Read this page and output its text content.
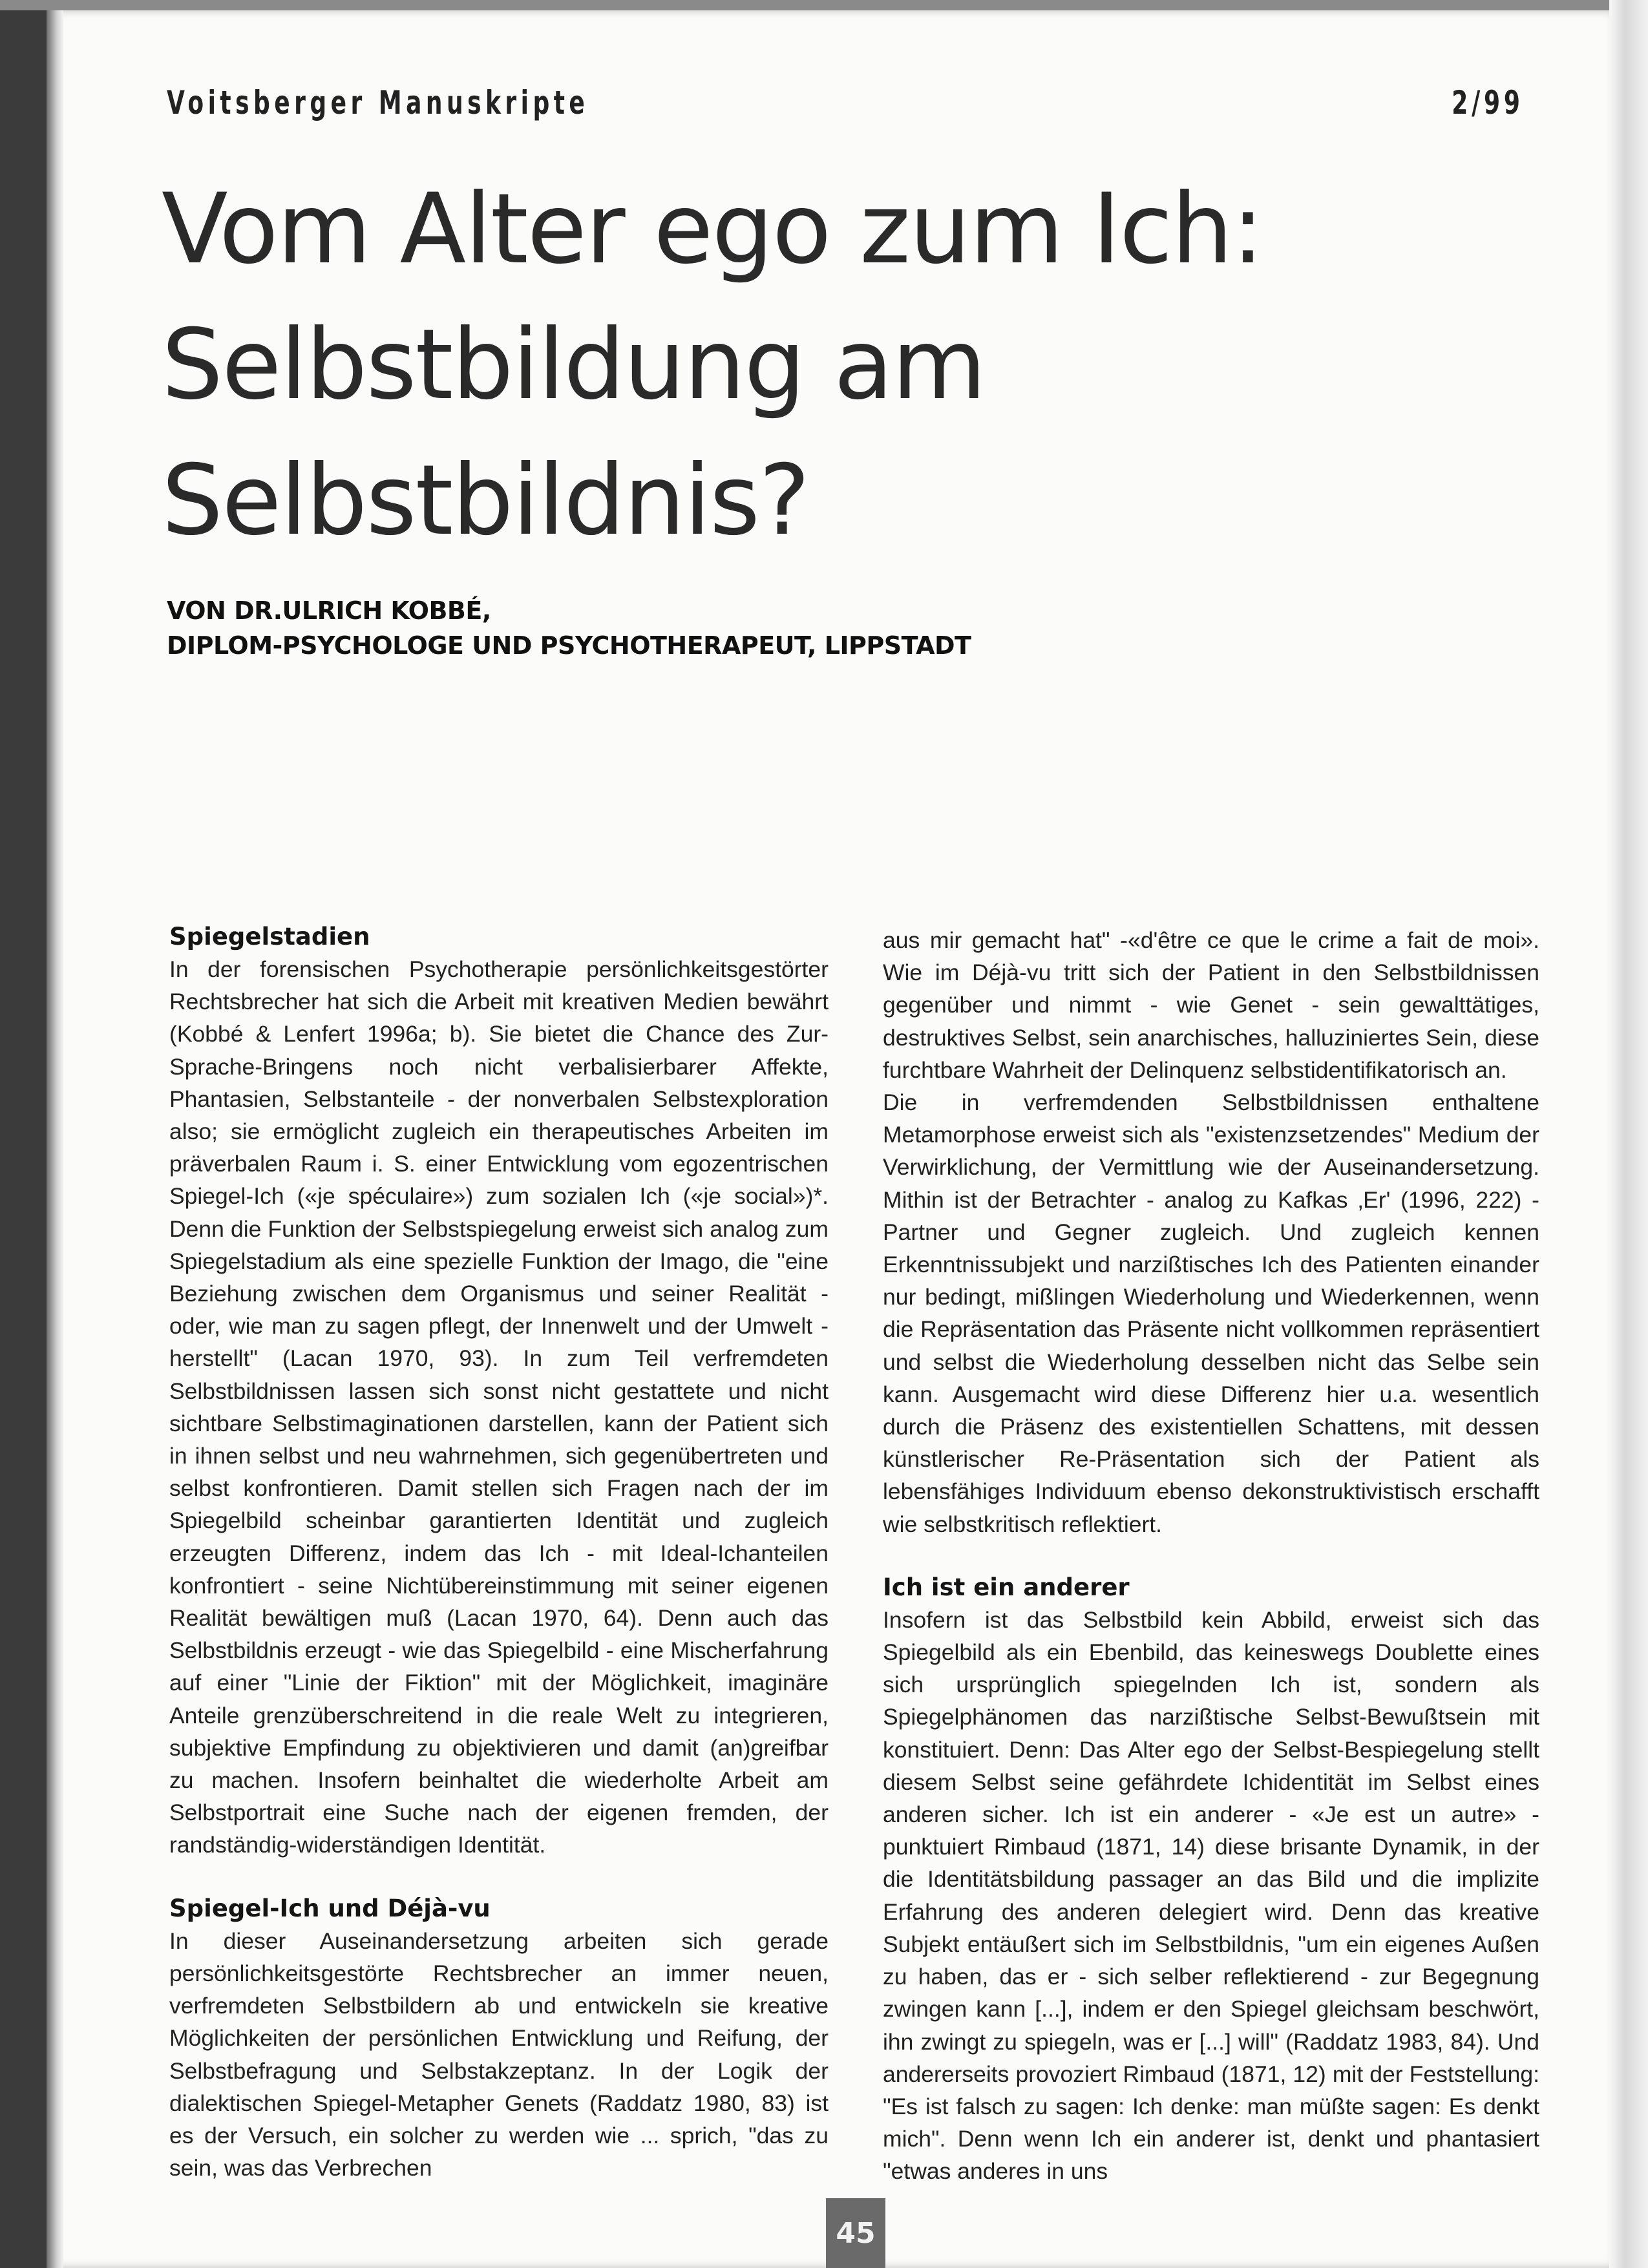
Voitsberger Manuskripte	2/99
Vom Alter ego zum Ich:
Selbstbildung am Selbstbildnis?
VON DR.ULRICH KOBBÉ,
DIPLOM-PSYCHOLOGE UND PSYCHOTHERAPEUT, LIPPSTADT
Spiegelstadien

In der forensischen Psychotherapie persönlichkeitsgestörter Rechtsbrecher hat sich die Arbeit mit kreativen Medien bewährt (Kobbé & Lenfert 1996a; b). Sie bietet die Chance des Zur-Sprache-Bringens noch nicht verbalisierbarer Affekte, Phantasien, Selbstanteile - der nonverbalen Selbstexploration also; sie ermöglicht zugleich ein therapeutisches Arbeiten im präverbalen Raum i. S. einer Entwicklung vom egozentrischen Spiegel-Ich («je spéculaire») zum sozialen Ich («je social»)*. Denn die Funktion der Selbstspiegelung erweist sich analog zum Spiegelstadium als eine spezielle Funktion der Imago, die "eine Beziehung zwischen dem Organismus und seiner Realität - oder, wie man zu sagen pflegt, der Innenwelt und der Umwelt - herstellt" (Lacan 1970, 93). In zum Teil verfremdeten Selbstbildnissen lassen sich sonst nicht gestattete und nicht sichtbare Selbstimaginationen darstellen, kann der Patient sich in ihnen selbst und neu wahrnehmen, sich gegenübertreten und selbst konfrontieren. Damit stellen sich Fragen nach der im Spiegelbild scheinbar garantierten Identität und zugleich erzeugten Differenz, indem das Ich - mit Ideal-Ichanteilen konfrontiert - seine Nichtübereinstimmung mit seiner eigenen Realität bewältigen muß (Lacan 1970, 64). Denn auch das Selbstbildnis erzeugt - wie das Spiegelbild - eine Mischerfahrung auf einer "Linie der Fiktion" mit der Möglichkeit, imaginäre Anteile grenzüberschreitend in die reale Welt zu integrieren, subjektive Empfindung zu objektivieren und damit (an)greifbar zu machen. Insofern beinhaltet die wiederholte Arbeit am Selbstportrait eine Suche nach der eigenen fremden, der randständig-widerständigen Identität.

Spiegel-Ich und Déjà-vu

In dieser Auseinandersetzung arbeiten sich gerade persönlichkeitsgestörte Rechtsbrecher an immer neuen, verfremdeten Selbstbildern ab und entwickeln sie kreative Möglichkeiten der persönlichen Entwicklung und Reifung, der Selbstbefragung und Selbstakzeptanz. In der Logik der dialektischen Spiegel-Metapher Genets (Raddatz 1980, 83) ist es der Versuch, ein solcher zu werden wie ... sprich, "das zu sein, was das Verbrechen

aus mir gemacht hat" -«d'être ce que le crime a fait de moi». Wie im Déjà-vu tritt sich der Patient in den Selbstbildnissen gegenüber und nimmt - wie Genet - sein gewalttätiges, destruktives Selbst, sein anarchisches, halluziniertes Sein, diese furchtbare Wahrheit der Delinquenz selbstidentifikatorisch an.

Die in verfremdenden Selbstbildnissen enthaltene Metamorphose erweist sich als "existenzsetzendes" Medium der Verwirklichung, der Vermittlung wie der Auseinandersetzung. Mithin ist der Betrachter - analog zu Kafkas ‚Er' (1996, 222) - Partner und Gegner zugleich. Und zugleich kennen Erkenntnissubjekt und narzißtisches Ich des Patienten einander nur bedingt, mißlingen Wiederholung und Wiederkennen, wenn die Repräsentation das Präsente nicht vollkommen repräsentiert und selbst die Wiederholung desselben nicht das Selbe sein kann. Ausgemacht wird diese Differenz hier u.a. wesentlich durch die Präsenz des existentiellen Schattens, mit dessen künstlerischer Re-Präsentation sich der Patient als lebensfähiges Individuum ebenso dekonstruktivistisch erschafft wie selbstkritisch reflektiert.

Ich ist ein anderer

Insofern ist das Selbstbild kein Abbild, erweist sich das Spiegelbild als ein Ebenbild, das keineswegs Doublette eines sich ursprünglich spiegelnden Ich ist, sondern als Spiegelphänomen das narzißtische Selbst-Bewußtsein mit konstituiert. Denn: Das Alter ego der Selbst-Bespiegelung stellt diesem Selbst seine gefährdete Ichidentität im Selbst eines anderen sicher. Ich ist ein anderer - «Je est un autre» - punktuiert Rimbaud (1871, 14) diese brisante Dynamik, in der die Identitätsbildung passager an das Bild und die implizite Erfahrung des anderen delegiert wird. Denn das kreative Subjekt entäußert sich im Selbstbildnis, "um ein eigenes Außen zu haben, das er - sich selber reflektierend - zur Begegnung zwingen kann [...], indem er den Spiegel gleichsam beschwört, ihn zwingt zu spiegeln, was er [...] will" (Raddatz 1983, 84). Und andererseits provoziert Rimbaud (1871, 12) mit der Feststellung: "Es ist falsch zu sagen: Ich denke: man müßte sagen: Es denkt mich". Denn wenn Ich ein anderer ist, denkt und phantasiert "etwas anderes in uns

45
